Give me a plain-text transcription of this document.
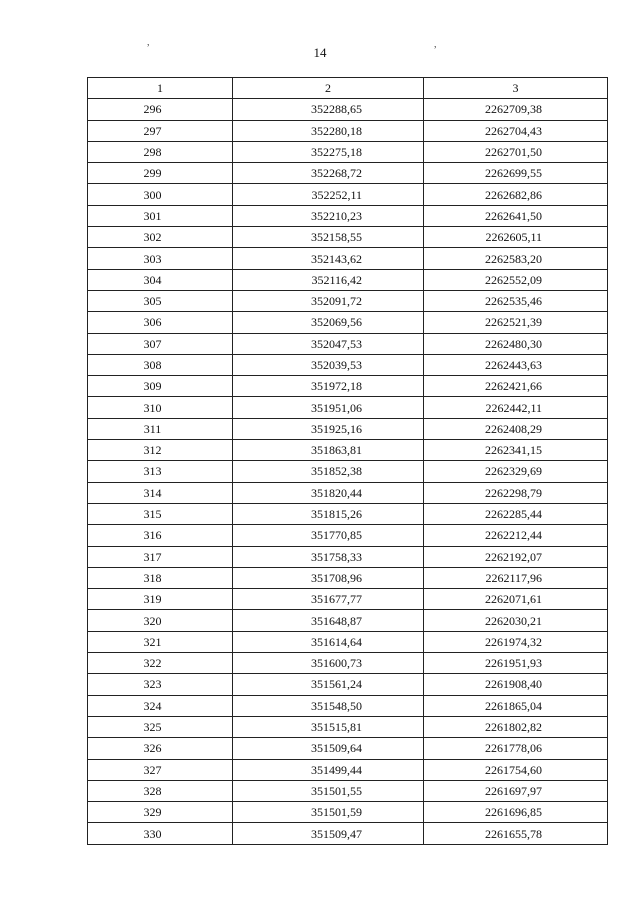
,	,
14
1	2	3
296	352288,65	2262709,38
297	352280,18	2262704,43
298	352275,18	2262701,50
299	352268,72	2262699,55
300	352252,11	2262682,86
301	352210,23	2262641,50
302	352158,55	2262605,11
303	352143,62	2262583,20
304	352116,42	2262552,09
305	352091,72	2262535,46
306	352069,56	2262521,39
307	352047,53	2262480,30
308	352039,53	2262443,63
309	351972,18	2262421,66
310	351951,06	2262442,11
311	351925,16	2262408,29
312	351863,81	2262341,15
313	351852,38	2262329,69
314	351820,44	2262298,79
315	351815,26	2262285,44
316	351770,85	2262212,44
317	351758,33	2262192,07
318	351708,96	2262117,96
319	351677,77	2262071,61
320	351648,87	2262030,21
321	351614,64	2261974,32
322	351600,73	2261951,93
323	351561,24	2261908,40
324	351548,50	2261865,04
325	351515,81	2261802,82
326	351509,64	2261778,06
327	351499,44	2261754,60
328	351501,55	2261697,97
329	351501,59	2261696,85
330	351509,47	2261655,78
